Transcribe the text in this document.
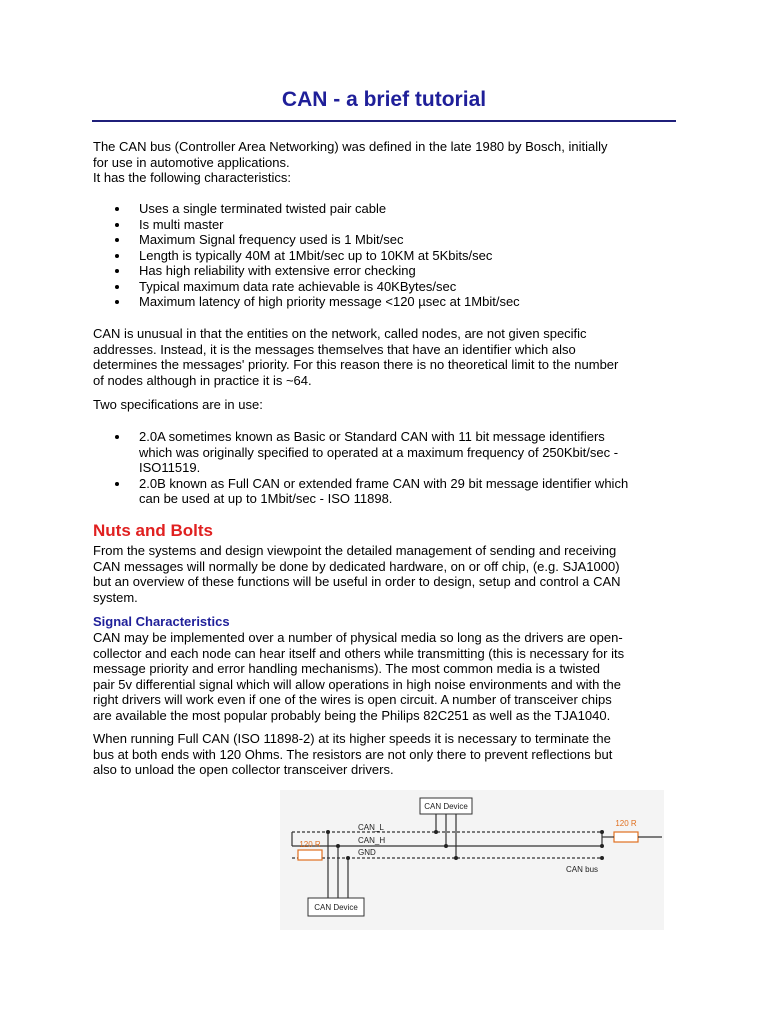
CAN - a brief tutorial

The CAN bus (Controller Area Networking) was defined in the late 1980 by Bosch, initially
for use in automotive applications.
It has the following characteristics:

Uses a single terminated twisted pair cable
Is multi master
Maximum Signal frequency used is 1 Mbit/sec
Length is typically 40M at 1Mbit/sec up to 10KM at 5Kbits/sec
Has high reliability with extensive error checking
Typical maximum data rate achievable is 40KBytes/sec
Maximum latency of high priority message <120 µsec at 1Mbit/sec

CAN is unusual in that the entities on the network, called nodes, are not given specific
addresses. Instead, it is the messages themselves that have an identifier which also
determines the messages' priority. For this reason there is no theoretical limit to the number
of nodes although in practice it is ~64.

Two specifications are in use:

2.0A sometimes known as Basic or Standard CAN with 11 bit message identifiers
which was originally specified to operated at a maximum frequency of 250Kbit/sec -
ISO11519.
2.0B known as Full CAN or extended frame CAN with 29 bit message identifier which
can be used at up to 1Mbit/sec - ISO 11898.
Nuts and Bolts

From the systems and design viewpoint the detailed management of sending and receiving
CAN messages will normally be done by dedicated hardware, on or off chip, (e.g. SJA1000)
but an overview of these functions will be useful in order to design, setup and control a CAN
system.

Signal Characteristics

CAN may be implemented over a number of physical media so long as the drivers are open-
collector and each node can hear itself and others while transmitting (this is necessary for its
message priority and error handling mechanisms). The most common media is a twisted
pair 5v differential signal which will allow operations in high noise environments and with the
right drivers will work even if one of the wires is open circuit. A number of transceiver chips
are available the most popular probably being the Philips 82C251 as well as the TJA1040.

When running Full CAN (ISO 11898-2) at its higher speeds it is necessary to terminate the
bus at both ends with 120 Ohms. The resistors are not only there to prevent reflections but
also to unload the open collector transceiver drivers.

120 R
120 R
CAN_L
CAN_H
GND
CAN bus
CAN Device
CAN Device
